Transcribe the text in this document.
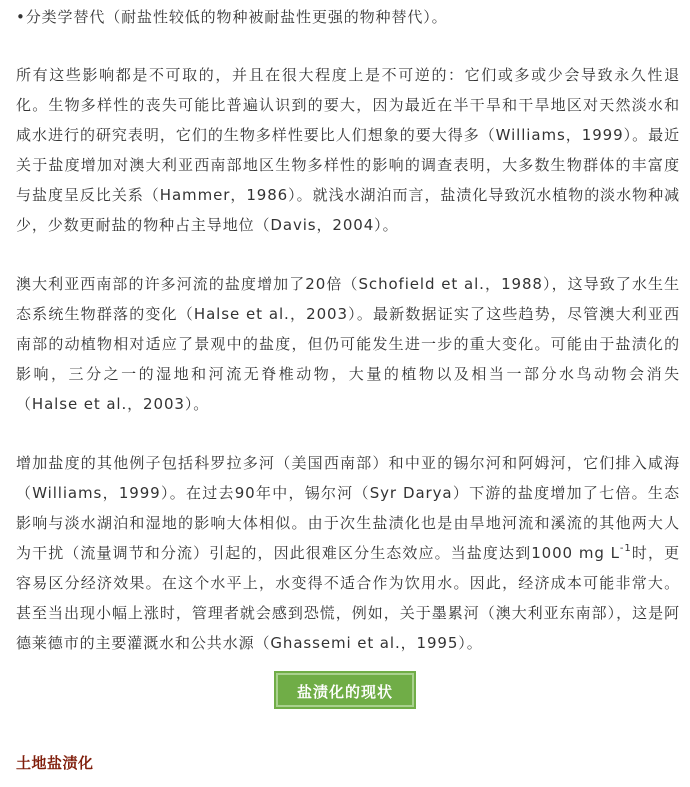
•分类学替代（耐盐性较低的物种被耐盐性更强的物种替代）。

所有这些影响都是不可取的，并且在很大程度上是不可逆的：它们或多或少会导致永久性退化。生物多样性的丧失可能比普遍认识到的要大，因为最近在半干旱和干旱地区对天然淡水和咸水进行的研究表明，它们的生物多样性要比人们想象的要大得多（Williams，1999）。最近关于盐度增加对澳大利亚西南部地区生物多样性的影响的调查表明，大多数生物群体的丰富度与盐度呈反比关系（Hammer，1986）。就浅水湖泊而言，盐渍化导致沉水植物的淡水物种减少，少数更耐盐的物种占主导地位（Davis，2004）。

澳大利亚西南部的许多河流的盐度增加了20倍（Schofield et al.，1988），这导致了水生生态系统生物群落的变化（Halse et al.，2003）。最新数据证实了这些趋势，尽管澳大利亚西南部的动植物相对适应了景观中的盐度，但仍可能发生进一步的重大变化。可能由于盐渍化的影响，三分之一的湿地和河流无脊椎动物，大量的植物以及相当一部分水鸟动物会消失（Halse et al.，2003）。

增加盐度的其他例子包括科罗拉多河（美国西南部）和中亚的锡尔河和阿姆河，它们排入咸海（Williams，1999）。在过去90年中，锡尔河（Syr Darya）下游的盐度增加了七倍。生态影响与淡水湖泊和湿地的影响大体相似。由于次生盐渍化也是由旱地河流和溪流的其他两大人为干扰（流量调节和分流）引起的，因此很难区分生态效应。当盐度达到1000 mg $L^{-1}$时，更容易区分经济效果。在这个水平上，水变得不适合作为饮用水。因此，经济成本可能非常大。甚至当出现小幅上涨时，管理者就会感到恐慌，例如，关于墨累河（澳大利亚东南部），这是阿德莱德市的主要灌溉水和公共水源（Ghassemi et al.，1995）。

盐渍化的现状
土地盐渍化
